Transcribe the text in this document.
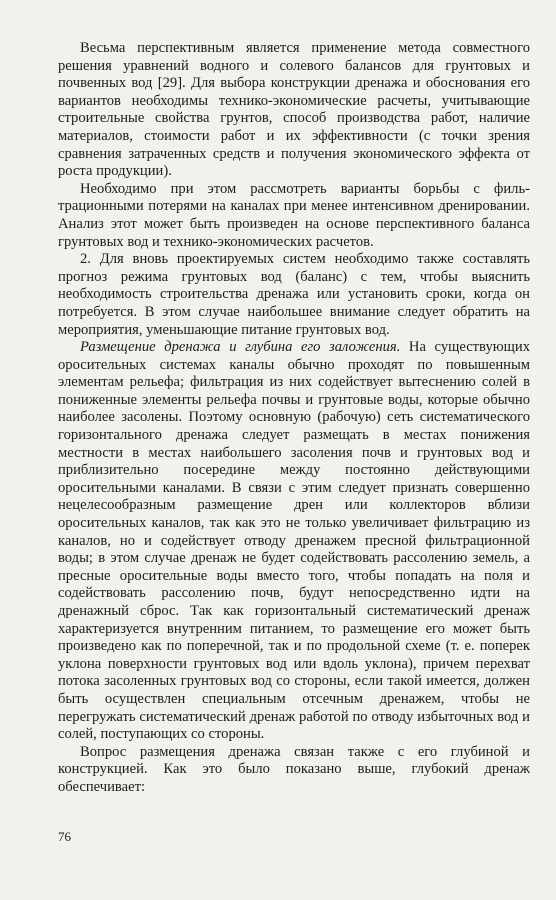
Весьма перспективным является применение метода совместного решения уравнений водного и солевого балансов для грунтовых и почвенных вод [29]. Для выбора конструкции дренажа и обоснования его вариантов необходимы технико-экономические расчеты, учитывающие строительные свойства грунтов, способ производства работ, наличие материалов, стоимости работ и их эффективности (с точки зрения сравнения затраченных средств и получения экономического эффекта от роста продукции).

Необходимо при этом рассмотреть варианты борьбы с фильтрационными потерями на каналах при менее интенсивном дренировании. Анализ этот может быть произведен на основе перспективного баланса грунтовых вод и технико-экономических расчетов.

2. Для вновь проектируемых систем необходимо также составлять прогноз режима грунтовых вод (баланс) с тем, чтобы выяснить необходимость строительства дренажа или установить сроки, когда он потребуется. В этом случае наибольшее внимание следует обратить на мероприятия, уменьшающие питание грунтовых вод.

Размещение дренажа и глубина его заложения. На существующих оросительных системах каналы обычно проходят по повышенным элементам рельефа; фильтрация из них содействует вытеснению солей в пониженные элементы рельефа почвы и грунтовые воды, которые обычно наиболее засолены. Поэтому основную (рабочую) сеть систематического горизонтального дренажа следует размещать в местах понижения местности в местах наибольшего засоления почв и грунтовых вод и приблизительно посередине между постоянно действующими оросительными каналами. В связи с этим следует признать совершенно нецелесообразным размещение дрен или коллекторов вблизи оросительных каналов, так как это не только увеличивает фильтрацию из каналов, но и содействует отводу дренажем пресной фильтрационной воды; в этом случае дренаж не будет содействовать рассолению земель, а пресные оросительные воды вместо того, чтобы попадать на поля и содействовать рассолению почв, будут непосредственно идти на дренажный сброс. Так как горизонтальный систематический дренаж характеризуется внутренним питанием, то размещение его может быть произведено как по поперечной, так и по продольной схеме (т. е. поперек уклона поверхности грунтовых вод или вдоль уклона), причем перехват потока засоленных грунтовых вод со стороны, если такой имеется, должен быть осуществлен специальным отсечным дренажем, чтобы не перегружать систематический дренаж работой по отводу избыточных вод и солей, поступающих со стороны.

Вопрос размещения дренажа связан также с его глубиной и конструкцией. Как это было показано выше, глубокий дренаж обеспечивает:

76
